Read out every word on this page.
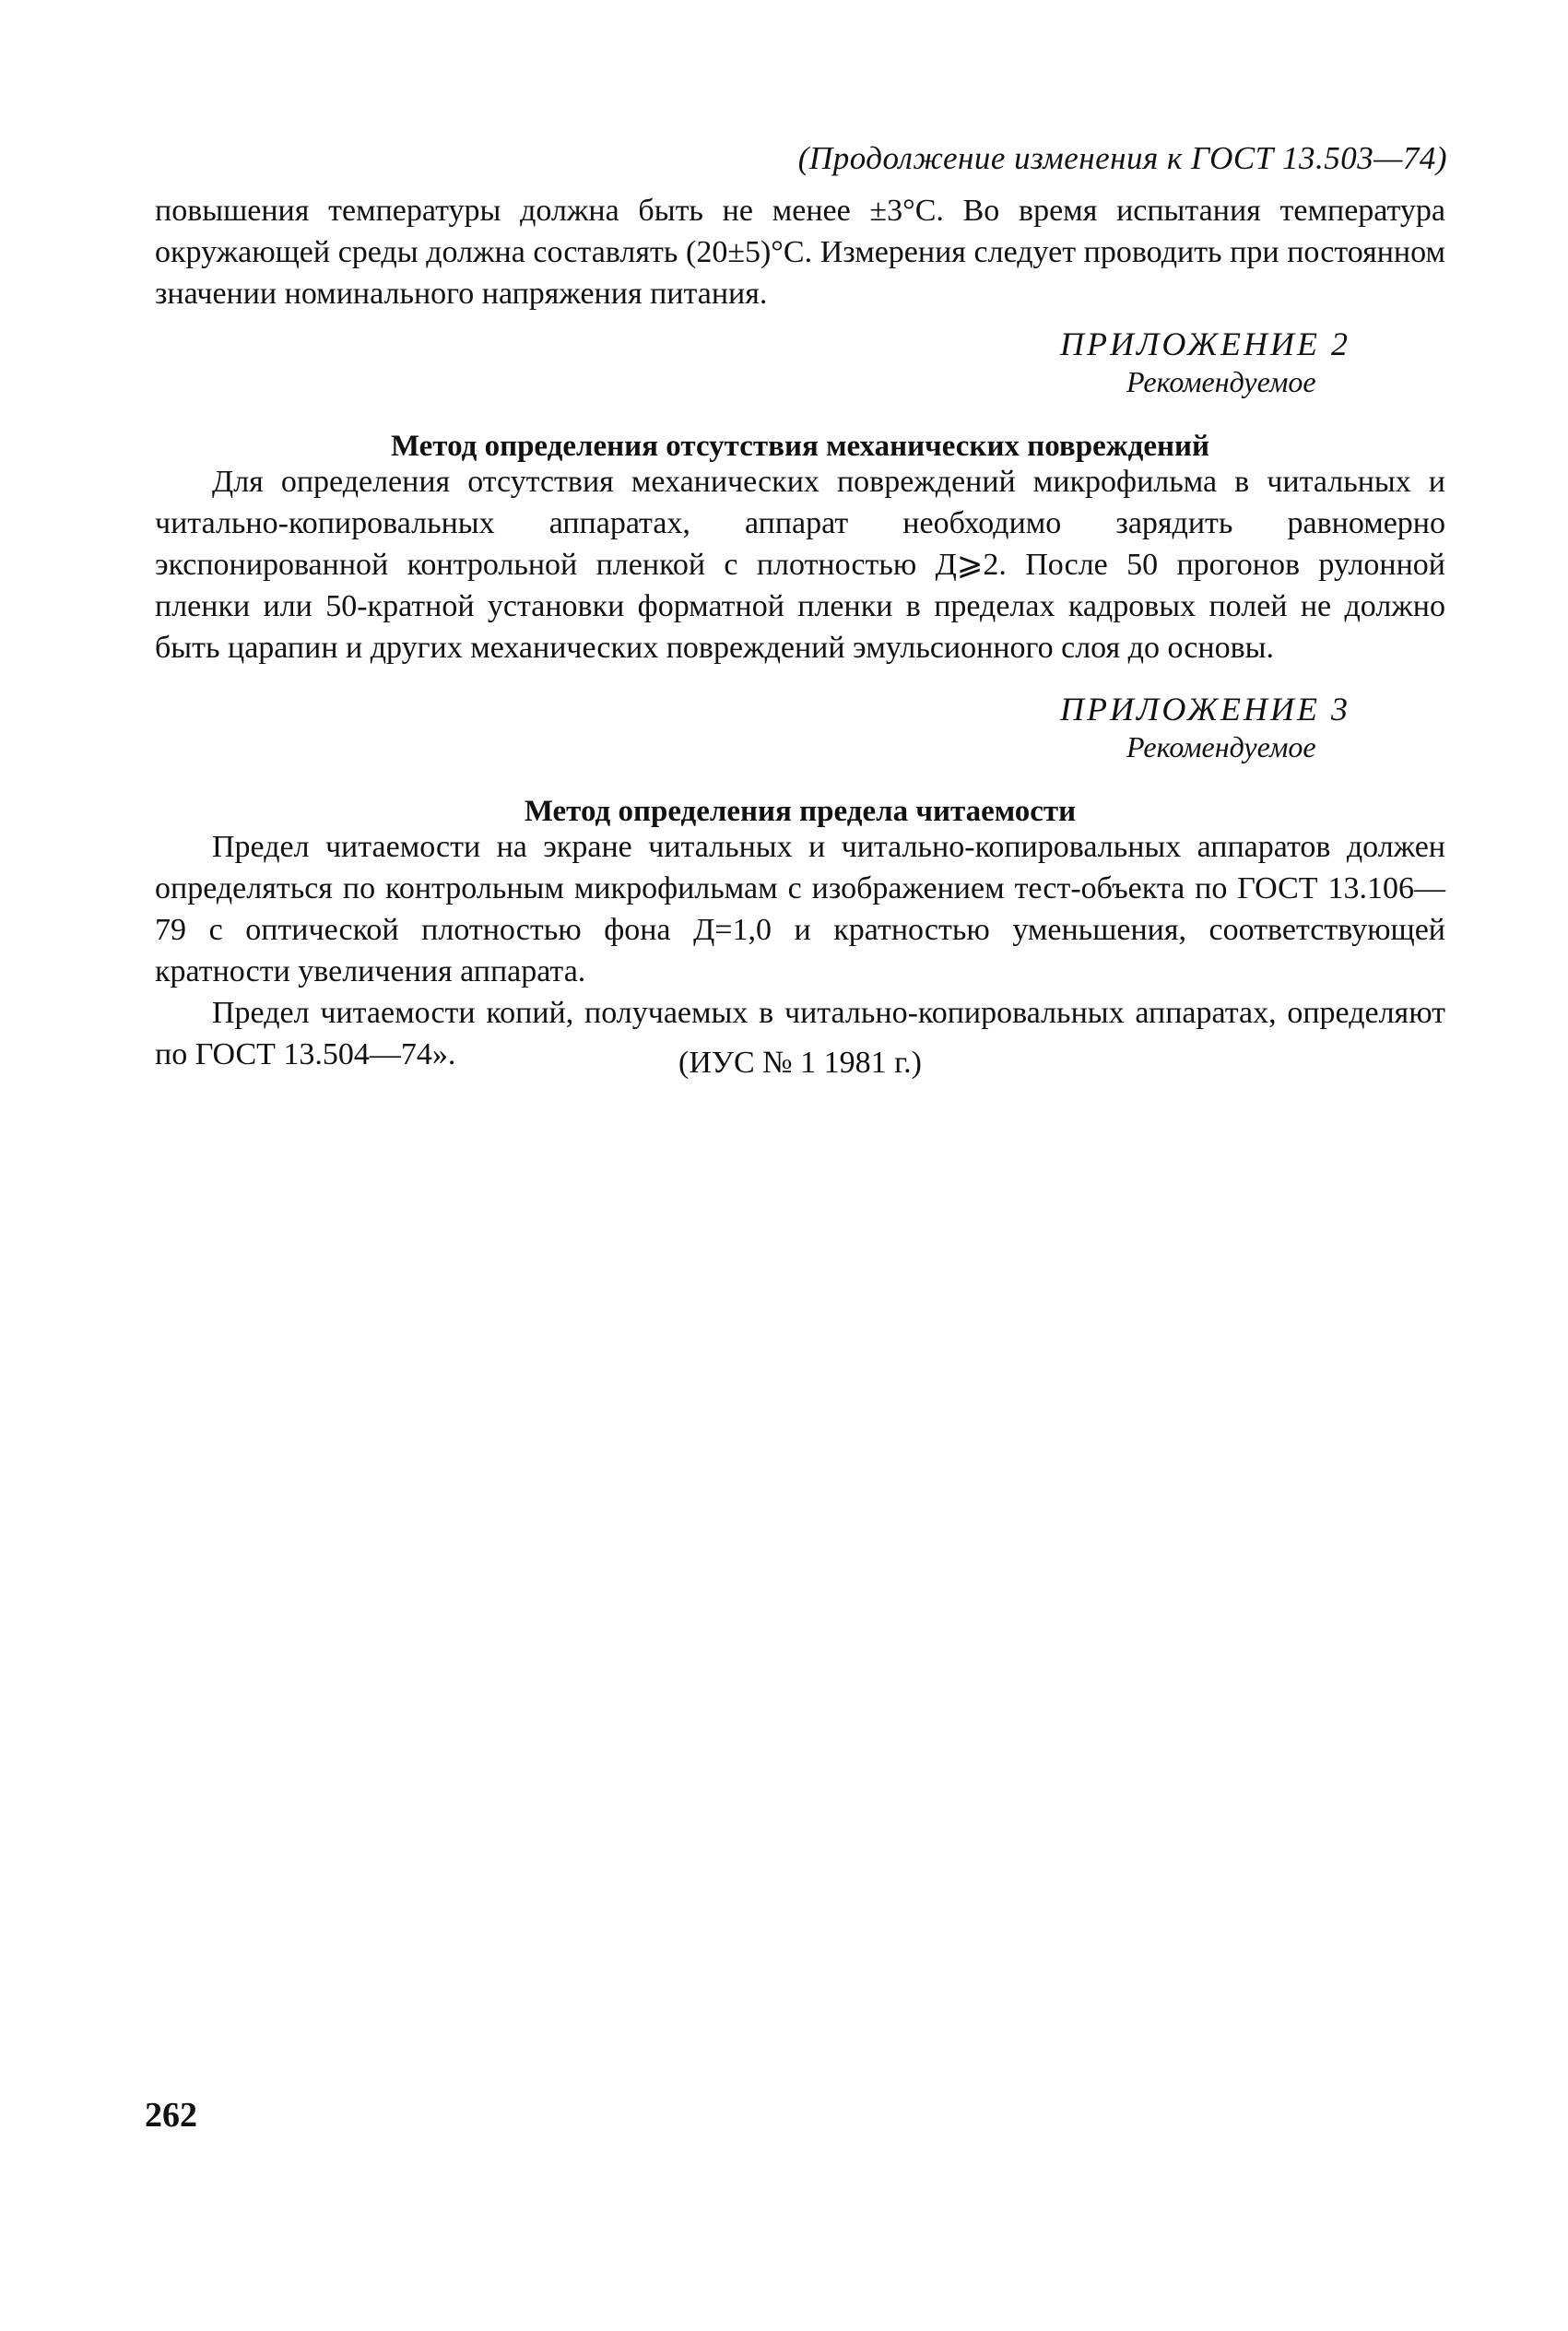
(Продолжение изменения к ГОСТ 13.503—74)

повышения температуры должна быть не менее ±3°С. Во время испытания температура окружающей среды должна составлять (20±5)°С. Измерения следует проводить при постоянном значении номинального напряжения питания.

ПРИЛОЖЕНИЕ 2
Рекомендуемое
Метод определения отсутствия механических повреждений

Для определения отсутствия механических повреждений микрофильма в читальных и читально-копировальных аппаратах, аппарат необходимо зарядить равномерно экспонированной контрольной пленкой с плотностью Д⩾2. После 50 прогонов рулонной пленки или 50-кратной установки форматной пленки в пределах кадровых полей не должно быть царапин и других механических повреждений эмульсионного слоя до основы.

ПРИЛОЖЕНИЕ 3
Рекомендуемое
Метод определения предела читаемости

Предел читаемости на экране читальных и читально-копировальных аппаратов должен определяться по контрольным микрофильмам с изображением тест-объекта по ГОСТ 13.106—79 с оптической плотностью фона Д=1,0 и кратностью уменьшения, соответствующей кратности увеличения аппарата.

Предел читаемости копий, получаемых в читально-копировальных аппаратах, определяют по ГОСТ 13.504—74».	(ИУС № 1 1981 г.)
262
